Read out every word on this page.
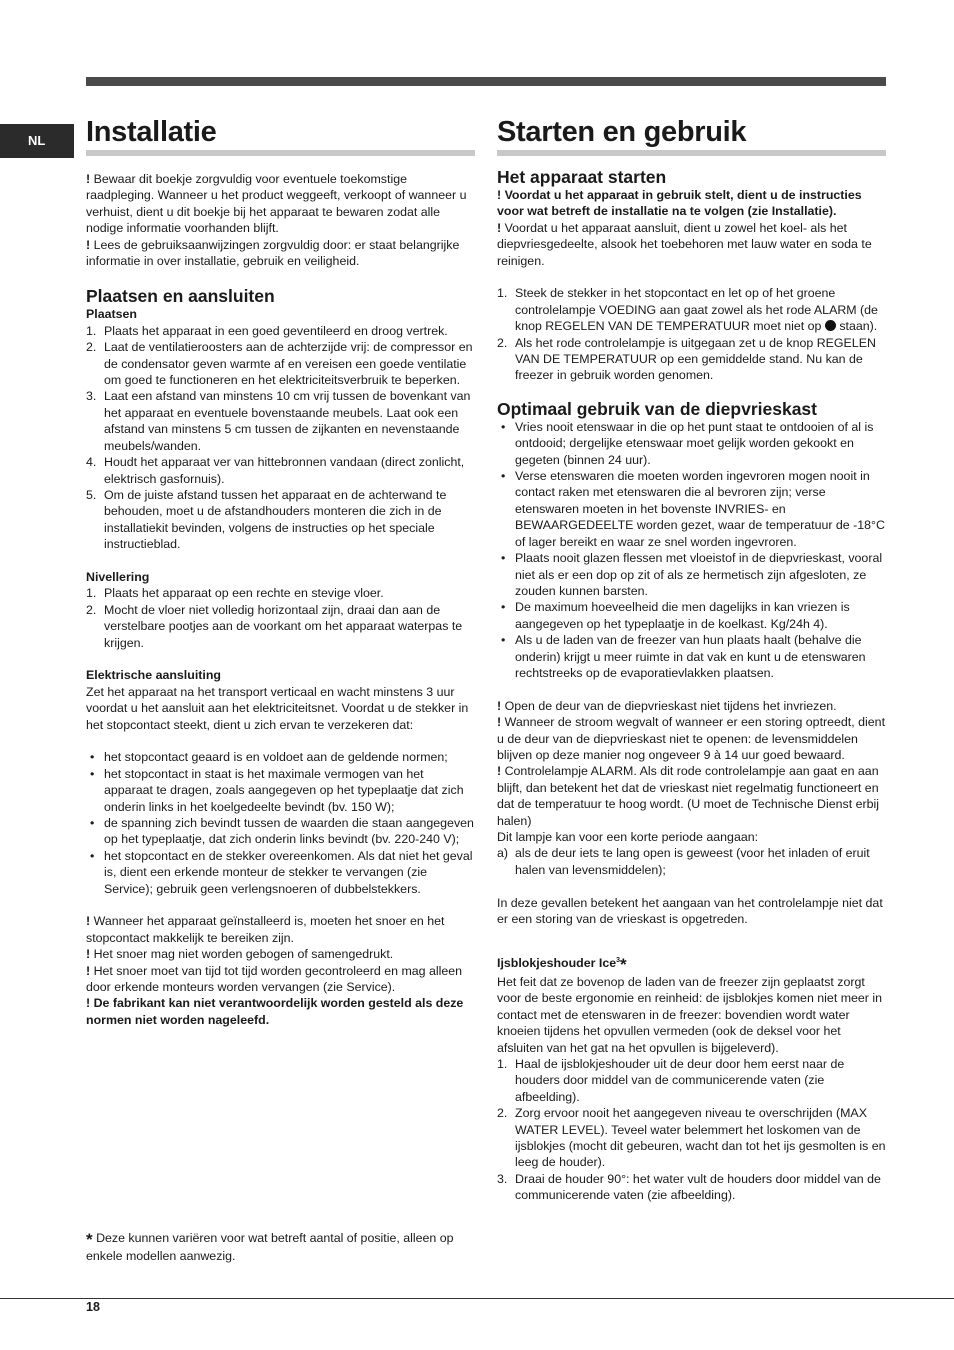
NL	Installatie

! Bewaar dit boekje zorgvuldig voor eventuele toekomstige raadpleging. Wanneer u het product weggeeft, verkoopt of wanneer u verhuist, dient u dit boekje bij het apparaat te bewaren zodat alle nodige informatie voorhanden blijft.

! Lees de gebruiksaanwijzingen zorgvuldig door: er staat belangrijke informatie in over installatie, gebruik en veiligheid.

Plaatsen en aansluiten
Plaatsen
1. Plaats het apparaat in een goed geventileerd en droog vertrek.
2. Laat de ventilatieroosters aan de achterzijde vrij: de compressor en de condensator geven warmte af en vereisen een goede ventilatie om goed te functioneren en het elektriciteitsverbruik te beperken.
3. Laat een afstand van minstens 10 cm vrij tussen de bovenkant van het apparaat en eventuele bovenstaande meubels. Laat ook een afstand van minstens 5 cm tussen de zijkanten en nevenstaande meubels/wanden.
4. Houdt het apparaat ver van hittebronnen vandaan (direct zonlicht, elektrisch gasfornuis).
5. Om de juiste afstand tussen het apparaat en de achterwand te behouden, moet u de afstandhouders monteren die zich in de installatiekit bevinden, volgens de instructies op het speciale instructieblad.
Nivellering
1. Plaats het apparaat op een rechte en stevige vloer.
2. Mocht de vloer niet volledig horizontaal zijn, draai dan aan de verstelbare pootjes aan de voorkant om het apparaat waterpas te krijgen.
Elektrische aansluiting

Zet het apparaat na het transport verticaal en wacht minstens 3 uur voordat u het aansluit aan het elektriciteitsnet. Voordat u de stekker in het stopcontact steekt, dient u zich ervan te verzekeren dat:

• het stopcontact geaard is en voldoet aan de geldende normen;
• het stopcontact in staat is het maximale vermogen van het apparaat te dragen, zoals aangegeven op het typeplaatje dat zich onderin links in het koelgedeelte bevindt (bv. 150 W);
• de spanning zich bevindt tussen de waarden die staan aangegeven op het typeplaatje, dat zich onderin links bevindt (bv. 220-240 V);
• het stopcontact en de stekker overeenkomen. Als dat niet het geval is, dient een erkende monteur de stekker te vervangen (zie Service); gebruik geen verlengsnoeren of dubbelstekkers.

! Wanneer het apparaat geïnstalleerd is, moeten het snoer en het stopcontact makkelijk te bereiken zijn.

! Het snoer mag niet worden gebogen of samengedrukt.

! Het snoer moet van tijd tot tijd worden gecontroleerd en mag alleen door erkende monteurs worden vervangen (zie Service).

! De fabrikant kan niet verantwoordelijk worden gesteld als deze normen niet worden nageleefd.

* Deze kunnen variëren voor wat betreft aantal of positie, alleen op enkele modellen aanwezig.
Starten en gebruik
Het apparaat starten

! Voordat u het apparaat in gebruik stelt, dient u de instructies voor wat betreft de installatie na te volgen (zie Installatie).

! Voordat u het apparaat aansluit, dient u zowel het koel- als het diepvriesgedeelte, alsook het toebehoren met lauw water en soda te reinigen.

1. Steek de stekker in het stopcontact en let op of het groene controlelampje VOEDING aan gaat zowel als het rode ALARM (de knop REGELEN VAN DE TEMPERATUUR moet niet op  staan).
2. Als het rode controlelampje is uitgegaan zet u de knop REGELEN VAN DE TEMPERATUUR op een gemiddelde stand. Nu kan de freezer in gebruik worden genomen.
Optimaal gebruik van de diepvrieskast
• Vries nooit etenswaar in die op het punt staat te ontdooien of al is ontdooid; dergelijke etenswaar moet gelijk worden gekookt en gegeten (binnen 24 uur).
• Verse etenswaren die moeten worden ingevroren mogen nooit in contact raken met etenswaren die al bevroren zijn; verse etenswaren moeten in het bovenste INVRIES- en BEWAARGEDEELTE worden gezet, waar de temperatuur de -18°C of lager bereikt en waar ze snel worden ingevroren.
• Plaats nooit glazen flessen met vloeistof in de diepvrieskast, vooral niet als er een dop op zit of als ze hermetisch zijn afgesloten, ze zouden kunnen barsten.
• De maximum hoeveelheid die men dagelijks in kan vriezen is aangegeven op het typeplaatje in de koelkast. Kg/24h 4).
• Als u de laden van de freezer van hun plaats haalt (behalve die onderin) krijgt u meer ruimte in dat vak en kunt u de etenswaren rechtstreeks op de evaporatievlakken plaatsen.

! Open de deur van de diepvrieskast niet tijdens het invriezen.

! Wanneer de stroom wegvalt of wanneer er een storing optreedt, dient u de deur van de diepvrieskast niet te openen: de levensmiddelen blijven op deze manier nog ongeveer 9 à 14 uur goed bewaard.

! Controlelampje ALARM. Als dit rode controlelampje aan gaat en aan blijft, dan betekent het dat de vrieskast niet regelmatig functioneert en dat de temperatuur te hoog wordt. (U moet de Technische Dienst erbij halen)

Dit lampje kan voor een korte periode aangaan:

a) als de deur iets te lang open is geweest (voor het inladen of eruit halen van levensmiddelen);

In deze gevallen betekent het aangaan van het controlelampje niet dat er een storing van de vrieskast is opgetreden.

Ijsblokjeshouder Ice$^3$*

Het feit dat ze bovenop de laden van de freezer zijn geplaatst zorgt voor de beste ergonomie en reinheid: de ijsblokjes komen niet meer in contact met de etenswaren in de freezer: bovendien wordt water knoeien tijdens het opvullen vermeden (ook de deksel voor het afsluiten van het gat na het opvullen is bijgeleverd).

1. Haal de ijsblokjeshouder uit de deur door hem eerst naar de houders door middel van de communicerende vaten (zie afbeelding).
2. Zorg ervoor nooit het aangegeven niveau te overschrijden (MAX WATER LEVEL). Teveel water belemmert het loskomen van de ijsblokjes (mocht dit gebeuren, wacht dan tot het ijs gesmolten is en leeg de houder).
3. Draai de houder 90°: het water vult de houders door middel van de communicerende vaten (zie afbeelding).
18
